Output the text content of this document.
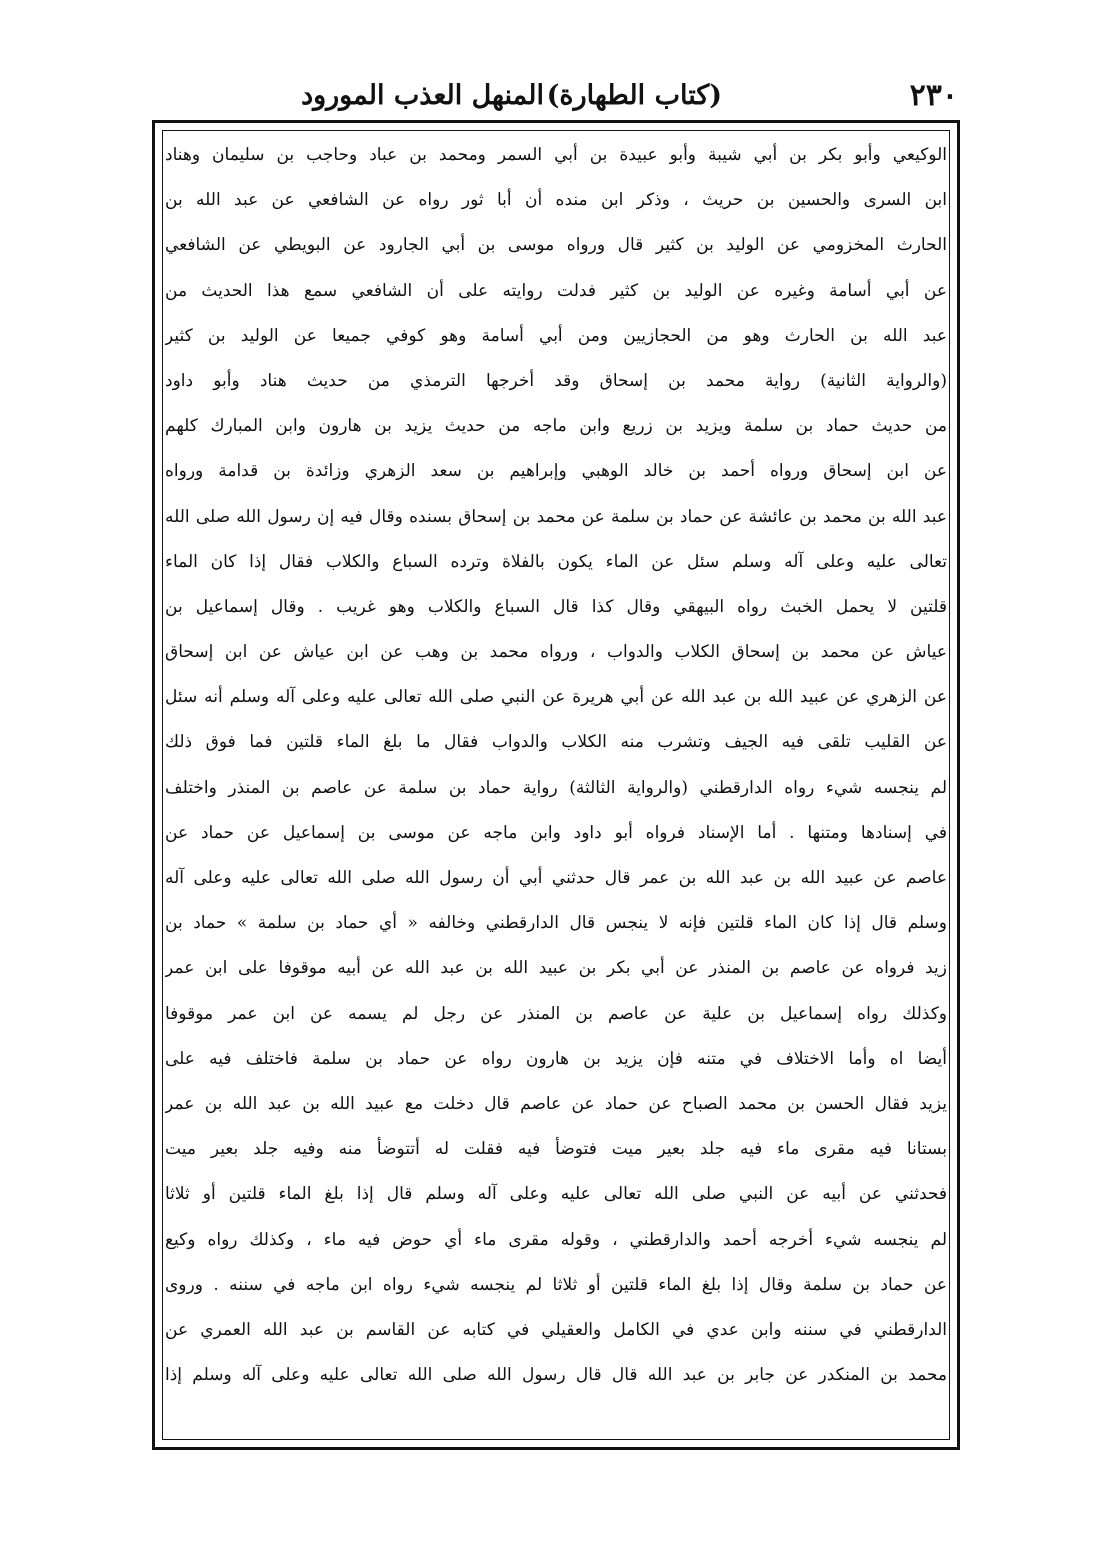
٢٣٠
(كتاب الطهارة)
المنهل العذب المورود
الوكيعي وأبو بكر بن أبي شيبة وأبو عبيدة بن أبي السمر ومحمد بن عباد وحاجب بن سليمان وهناد
ابن السرى والحسين بن حريث ، وذكر ابن منده أن أبا ثور رواه عن الشافعي عن عبد الله بن
الحارث المخزومي عن الوليد بن كثير قال ورواه موسى بن أبي الجارود عن البويطي عن الشافعي
عن أبي أسامة وغيره عن الوليد بن كثير فدلت روايته على أن الشافعي سمع هذا الحديث من
عبد الله بن الحارث وهو من الحجازيين ومن أبي أسامة وهو كوفي جميعا عن الوليد بن كثير
(والرواية الثانية) رواية محمد بن إسحاق وقد أخرجها الترمذي من حديث هناد وأبو داود
من حديث حماد بن سلمة ويزيد بن زريع وابن ماجه من حديث يزيد بن هارون وابن المبارك كلهم
عن ابن إسحاق ورواه أحمد بن خالد الوهبي وإبراهيم بن سعد الزهري وزائدة بن قدامة ورواه
عبد الله بن محمد بن عائشة عن حماد بن سلمة عن محمد بن إسحاق بسنده وقال فيه إن رسول الله صلى الله
تعالى عليه وعلى آله وسلم سئل عن الماء يكون بالفلاة وترده السباع والكلاب فقال إذا كان الماء
قلتين لا يحمل الخبث رواه البيهقي وقال كذا قال السباع والكلاب وهو غريب . وقال إسماعيل بن
عياش عن محمد بن إسحاق الكلاب والدواب ، ورواه محمد بن وهب عن ابن عياش عن ابن إسحاق
عن الزهري عن عبيد الله بن عبد الله عن أبي هريرة عن النبي صلى الله تعالى عليه وعلى آله وسلم أنه سئل
عن القليب تلقى فيه الجيف وتشرب منه الكلاب والدواب فقال ما بلغ الماء قلتين فما فوق ذلك
لم ينجسه شيء رواه الدارقطني (والرواية الثالثة) رواية حماد بن سلمة عن عاصم بن المنذر واختلف
في إسنادها ومتنها . أما الإسناد فرواه أبو داود وابن ماجه عن موسى بن إسماعيل عن حماد عن
عاصم عن عبيد الله بن عبد الله بن عمر قال حدثني أبي أن رسول الله صلى الله تعالى عليه وعلى آله
وسلم قال إذا كان الماء قلتين فإنه لا ينجس قال الدارقطني وخالفه « أي حماد بن سلمة » حماد بن
زيد فرواه عن عاصم بن المنذر عن أبي بكر بن عبيد الله بن عبد الله عن أبيه موقوفا على ابن عمر
وكذلك رواه إسماعيل بن علية عن عاصم بن المنذر عن رجل لم يسمه عن ابن عمر موقوفا
أيضا اه وأما الاختلاف في متنه فإن يزيد بن هارون رواه عن حماد بن سلمة فاختلف فيه على
يزيد فقال الحسن بن محمد الصباح عن حماد عن عاصم قال دخلت مع عبيد الله بن عبد الله بن عمر
بستانا فيه مقرى ماء فيه جلد بعير ميت فتوضأ فيه فقلت له أتتوضأ منه وفيه جلد بعير ميت
فحدثني عن أبيه عن النبي صلى الله تعالى عليه وعلى آله وسلم قال إذا بلغ الماء قلتين أو ثلاثا
لم ينجسه شيء أخرجه أحمد والدارقطني ، وقوله مقرى ماء أي حوض فيه ماء ، وكذلك رواه وكيع
عن حماد بن سلمة وقال إذا بلغ الماء قلتين أو ثلاثا لم ينجسه شيء رواه ابن ماجه في سننه . وروى
الدارقطني في سننه وابن عدي في الكامل والعقيلي في كتابه عن القاسم بن عبد الله العمري عن
محمد بن المنكدر عن جابر بن عبد الله قال قال رسول الله صلى الله تعالى عليه وعلى آله وسلم إذا
